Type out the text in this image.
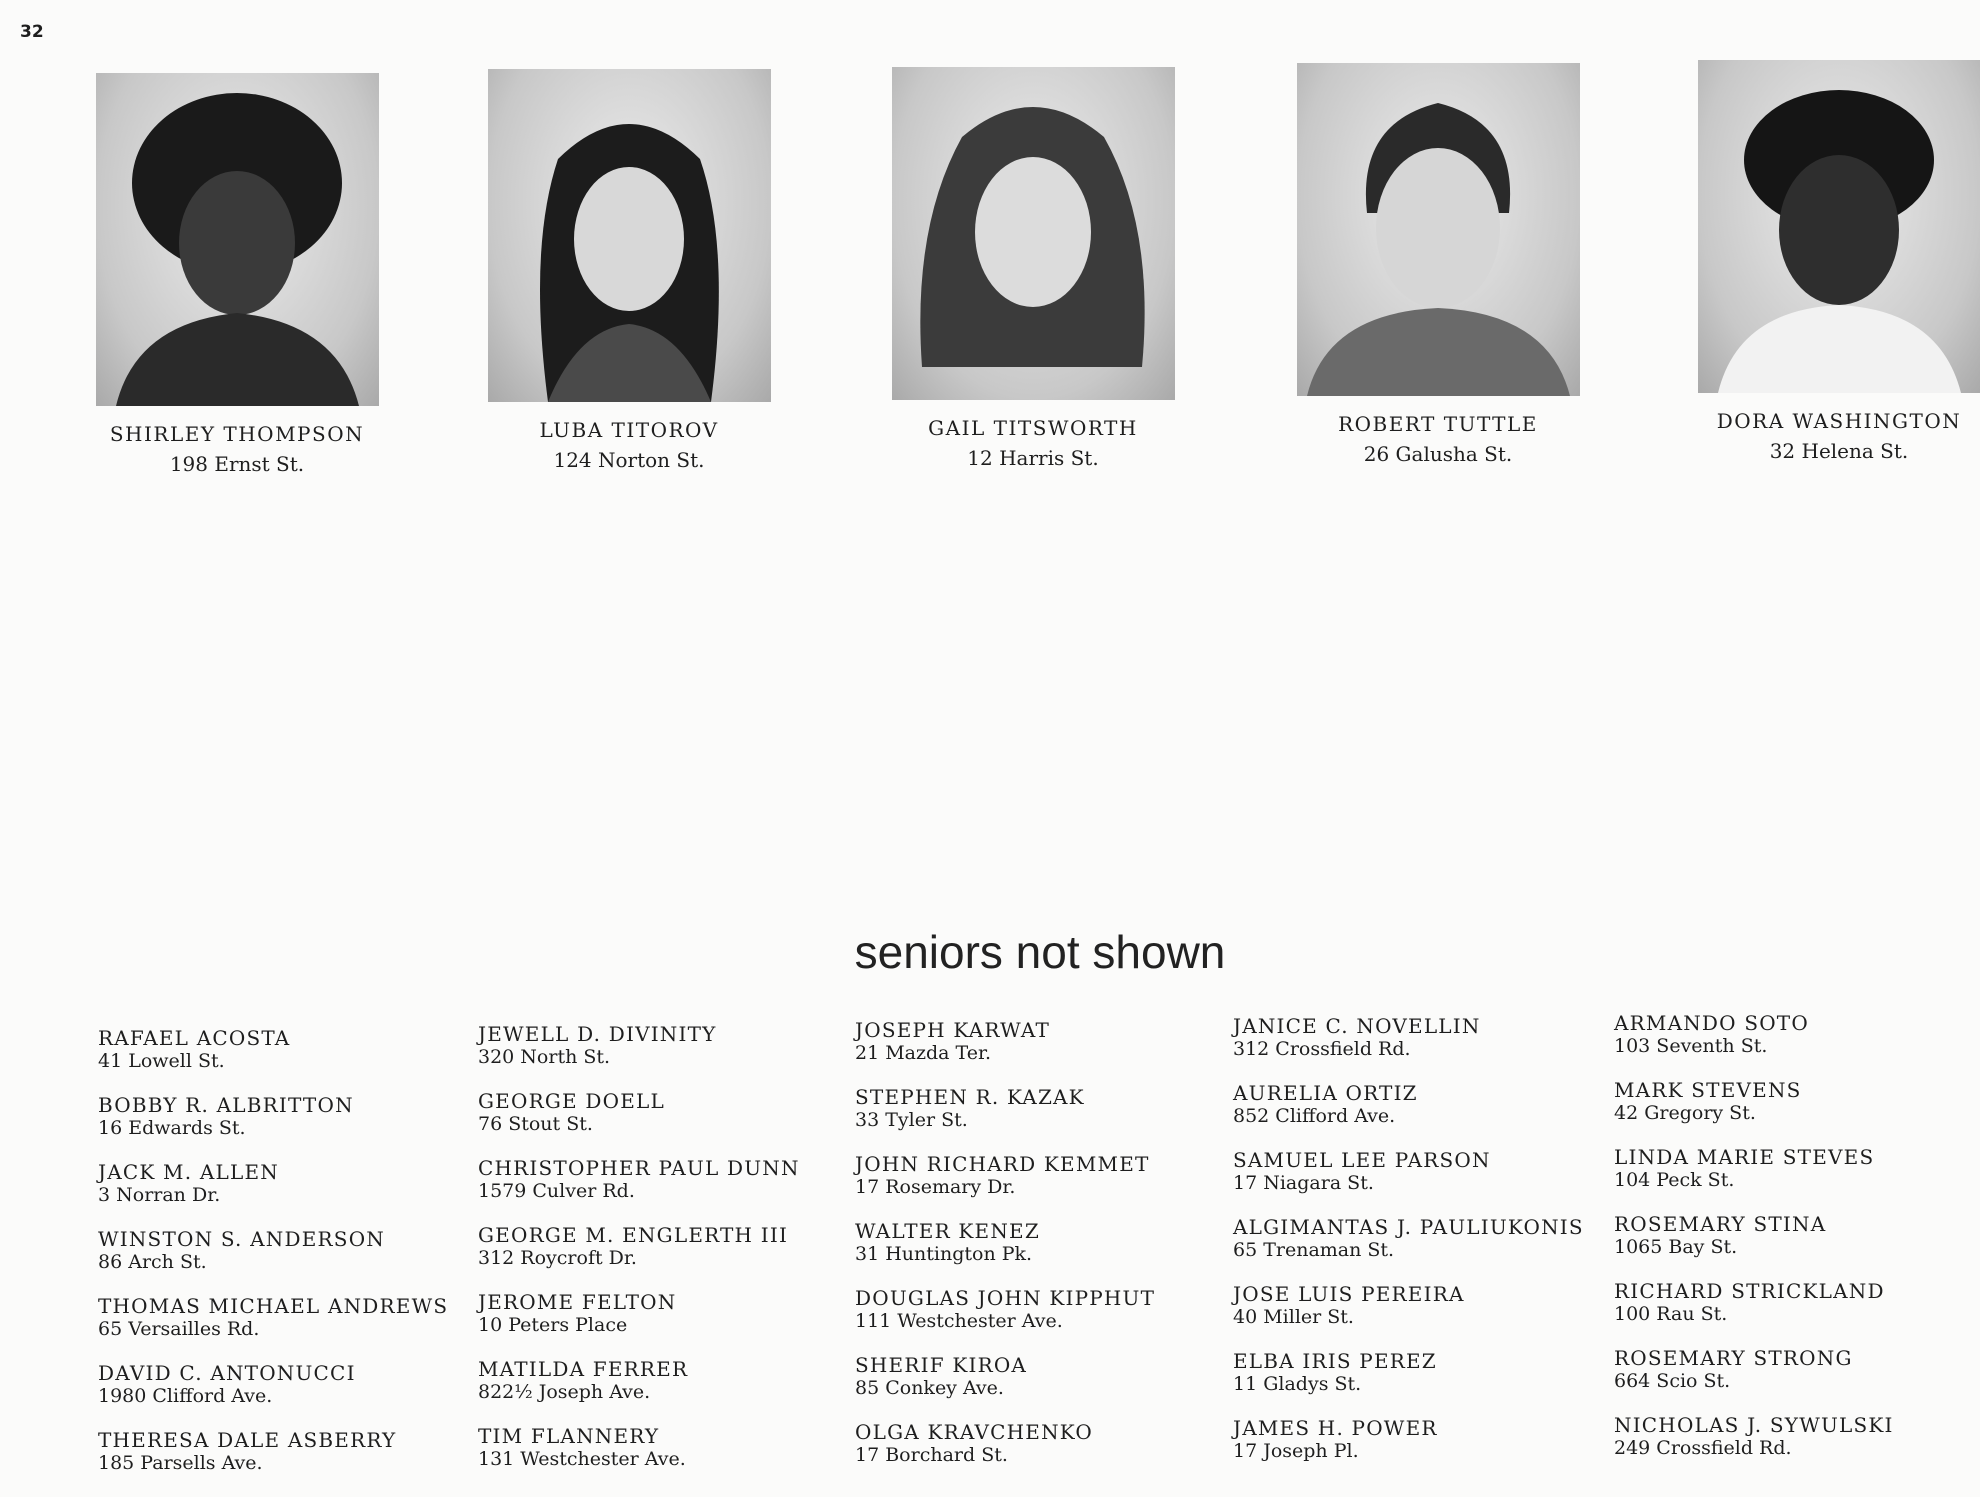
32
SHIRLEY THOMPSON
198 Ernst St.
LUBA TITOROV
124 Norton St.
GAIL TITSWORTH
12 Harris St.
ROBERT TUTTLE
26 Galusha St.
DORA WASHINGTON
32 Helena St.
seniors not shown
RAFAEL ACOSTA
41 Lowell St.
BOBBY R. ALBRITTON
16 Edwards St.
JACK M. ALLEN
3 Norran Dr.
WINSTON S. ANDERSON
86 Arch St.
THOMAS MICHAEL ANDREWS
65 Versailles Rd.
DAVID C. ANTONUCCI
1980 Clifford Ave.
THERESA DALE ASBERRY
185 Parsells Ave.
JEWELL D. DIVINITY
320 North St.
GEORGE DOELL
76 Stout St.
CHRISTOPHER PAUL DUNN
1579 Culver Rd.
GEORGE M. ENGLERTH III
312 Roycroft Dr.
JEROME FELTON
10 Peters Place
MATILDA FERRER
822½ Joseph Ave.
TIM FLANNERY
131 Westchester Ave.
JOSEPH KARWAT
21 Mazda Ter.
STEPHEN R. KAZAK
33 Tyler St.
JOHN RICHARD KEMMET
17 Rosemary Dr.
WALTER KENEZ
31 Huntington Pk.
DOUGLAS JOHN KIPPHUT
111 Westchester Ave.
SHERIF KIROA
85 Conkey Ave.
OLGA KRAVCHENKO
17 Borchard St.
JANICE C. NOVELLIN
312 Crossfield Rd.
AURELIA ORTIZ
852 Clifford Ave.
SAMUEL LEE PARSON
17 Niagara St.
ALGIMANTAS J. PAULIUKONIS
65 Trenaman St.
JOSE LUIS PEREIRA
40 Miller St.
ELBA IRIS PEREZ
11 Gladys St.
JAMES H. POWER
17 Joseph Pl.
ARMANDO SOTO
103 Seventh St.
MARK STEVENS
42 Gregory St.
LINDA MARIE STEVES
104 Peck St.
ROSEMARY STINA
1065 Bay St.
RICHARD STRICKLAND
100 Rau St.
ROSEMARY STRONG
664 Scio St.
NICHOLAS J. SYWULSKI
249 Crossfield Rd.
